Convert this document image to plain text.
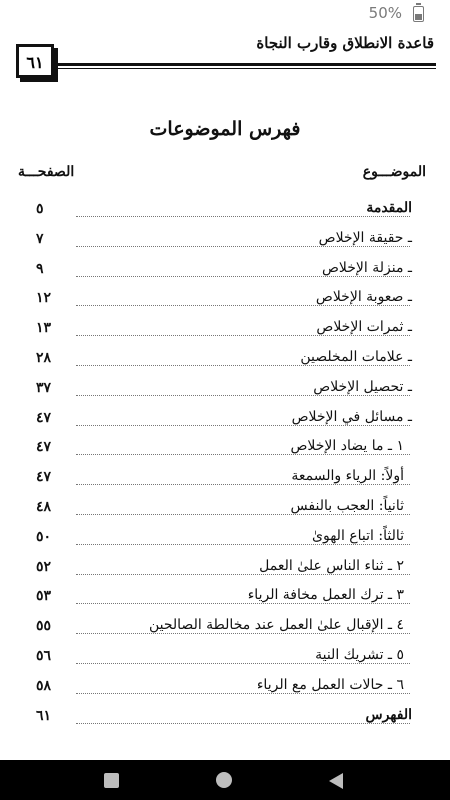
50%
قاعدة الانطلاق وقارب النجاة
٦١
فهرس الموضوعات
الموضـــوع
الصفحـــة
٥	المقدمة
٧	ـ حقيقة الإخلاص
٩	ـ منزلة الإخلاص
١٢	ـ صعوبة الإخلاص
١٣	ـ ثمرات الإخلاص
٢٨	ـ علامات المخلصين
٣٧	ـ تحصيل الإخلاص
٤٧	ـ مسائل في الإخلاص
٤٧	١ ـ ما يضاد الإخلاص
٤٧	أولاً: الرياء والسمعة
٤٨	ثانياً: العجب بالنفس
٥٠	ثالثاً: اتباع الهوىٰ
٥٢	٢ ـ ثناء الناس علىٰ العمل
٥٣	٣ ـ ترك العمل مخافة الرياء
٥٥	٤ ـ الإقبال علىٰ العمل عند مخالطة الصالحين
٥٦	٥ ـ تشريك النية
٥٨	٦ ـ حالات العمل مع الرياء
٦١	الفهرس
